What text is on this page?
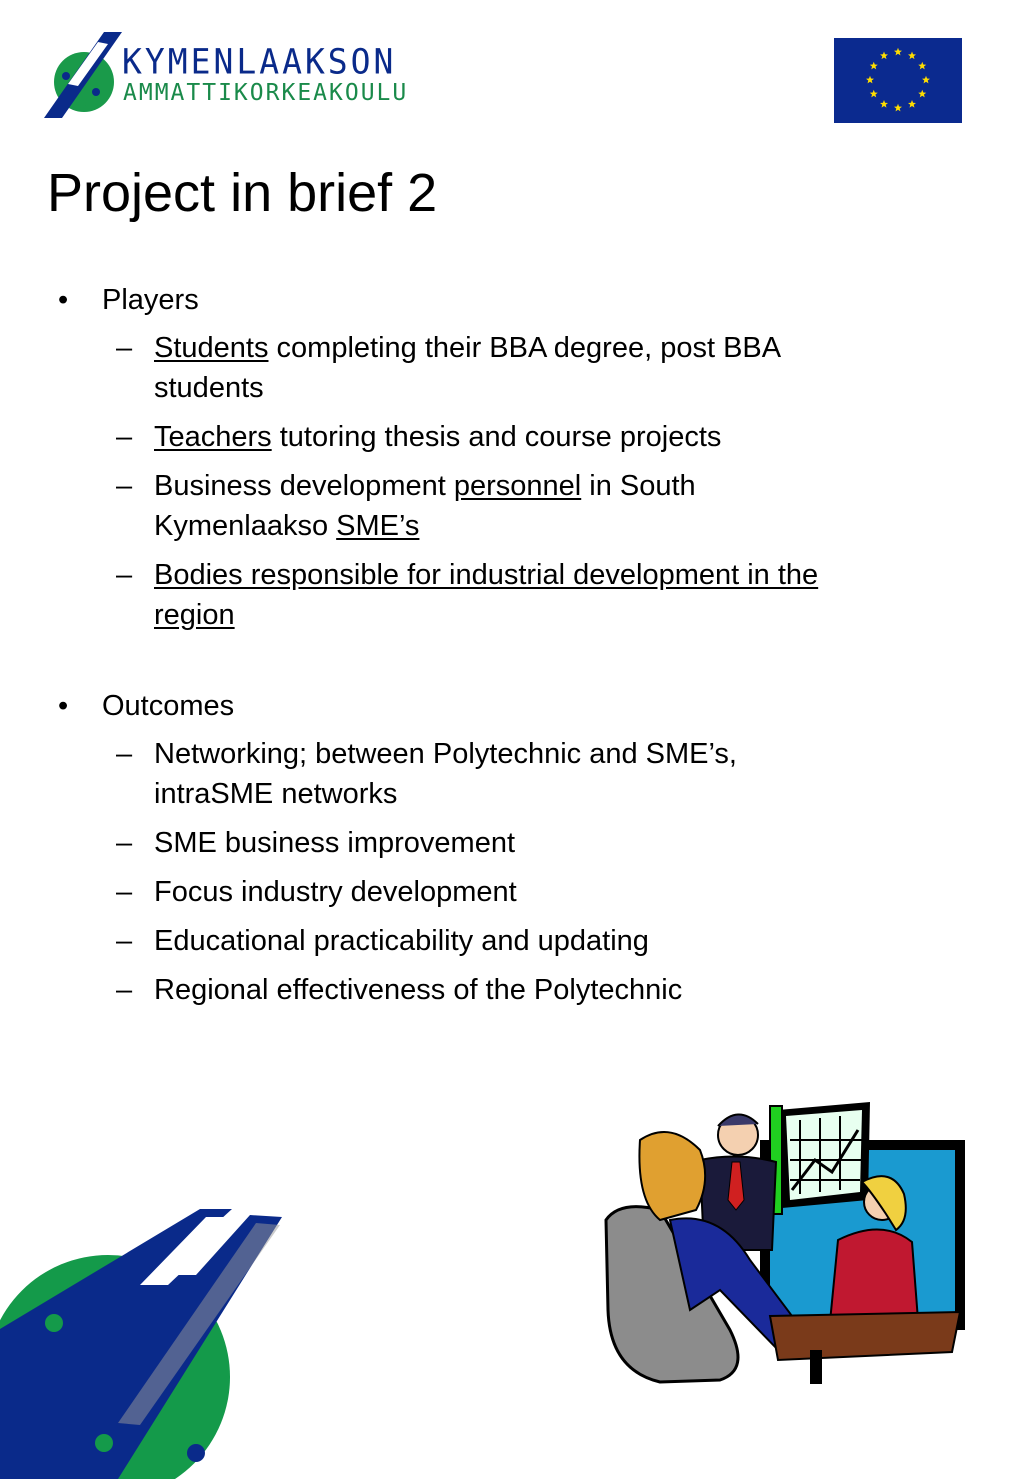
KYMENLAAKSON
AMMATTIKORKEAKOULU
Project in brief 2
• Players
– Students completing their BBA degree, post BBA students
– Teachers tutoring thesis and course projects
– Business development personnel in South Kymenlaakso SME’s
– Bodies responsible for industrial development in the region
• Outcomes
– Networking; between Polytechnic and SME’s, intraSME networks
– SME business improvement
– Focus industry development
– Educational practicability and updating
– Regional effectiveness of the Polytechnic
